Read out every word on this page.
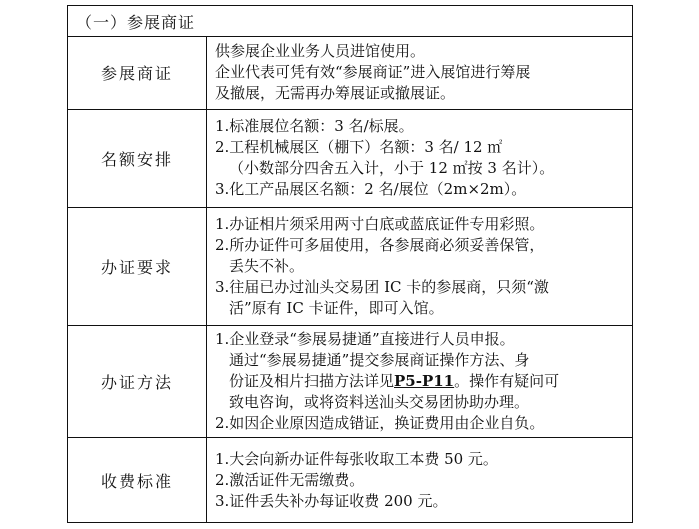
（一）参展商证
参展商证	供参展企业业务人员进馆使用。
企业代表可凭有效“参展商证”进入展馆进行筹展
及撤展，无需再办筹展证或撤展证。

名额安排	1.标准展位名额：3 名/标展。
2.工程机械展区（棚下）名额：3 名/ 12 ㎡
（小数部分四舍五入计，小于 12 ㎡按 3 名计）。
3.化工产品展区名额：2 名/展位（2m×2m）。

办证要求	1.办证相片须采用两寸白底或蓝底证件专用彩照。
2.所办证件可多届使用，各参展商必须妥善保管，
丢失不补。
3.往届已办过汕头交易团 IC 卡的参展商，只须“激
活”原有 IC 卡证件，即可入馆。

办证方法	1.企业登录“参展易捷通”直接进行人员申报。
通过“参展易捷通”提交参展商证操作方法、身
份证及相片扫描方法详见P5-P11。操作有疑问可
致电咨询，或将资料送汕头交易团协助办理。
2.如因企业原因造成错证，换证费用由企业自负。

收费标准	1.大会向新办证件每张收取工本费 50 元。
2.激活证件无需缴费。
3.证件丢失补办每证收费 200 元。
